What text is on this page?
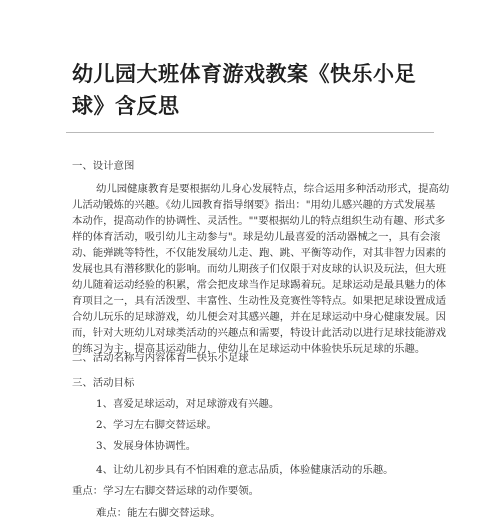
幼儿园大班体育游戏教案《快乐小足
球》含反思

一、设计意图

幼儿园健康教育是要根据幼儿身心发展特点，综合运用多种活动形式，提高幼

儿活动锻炼的兴趣。《幼儿园教育指导纲要》指出："用幼儿感兴趣的方式发展基

本动作，提高动作的协调性、灵活性。""要根据幼儿的特点组织生动有趣、形式多

样的体育活动，吸引幼儿主动参与"。球是幼儿最喜爱的活动器械之一，具有会滚

动、能弹跳等特性，不仅能发展幼儿走、跑、跳、平衡等动作，对其非智力因素的

发展也具有潜移默化的影响。而幼儿期孩子们仅限于对皮球的认识及玩法，但大班

幼儿随着运动经验的积累，常会把皮球当作足球踢着玩。足球运动是最具魅力的体

育项目之一，具有活泼型、丰富性、生动性及竞赛性等特点。如果把足球设置成适

合幼儿玩乐的足球游戏，幼儿便会对其感兴趣，并在足球运动中身心健康发展。因

而，针对大班幼儿对球类活动的兴趣点和需要，特设计此活动以进行足球技能游戏

的练习为主，提高其运动能力，使幼儿在足球运动中体验快乐玩足球的乐趣。

二、活动名称与内容体育—快乐小足球

三、活动目标

1、喜爱足球运动，对足球游戏有兴趣。

2、学习左右脚交替运球。

3、发展身体协调性。

4、让幼儿初步具有不怕困难的意志品质，体验健康活动的乐趣。

重点：学习左右脚交替运球的动作要领。

难点：能左右脚交替运球。
